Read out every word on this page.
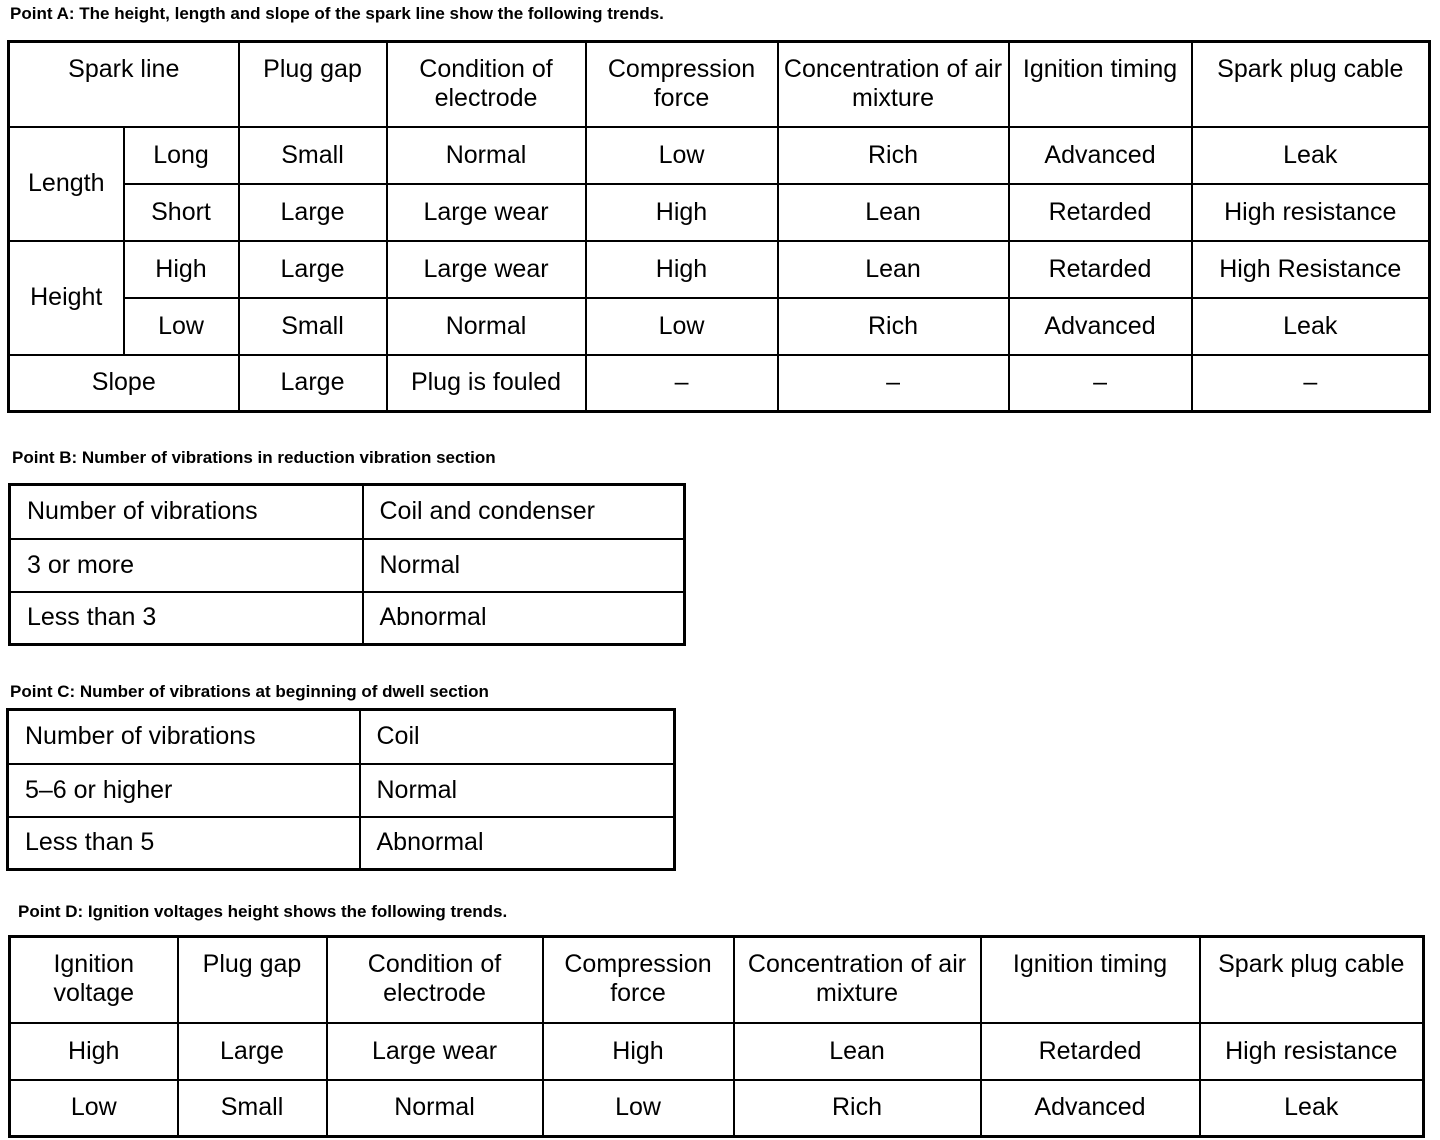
Point A: The height, length and slope of the spark line show the following trends.
Spark line		Plug gap	Condition of electrode	Compression force	Concentration of air mixture	Ignition timing	Spark plug cable
Length	Long	Small	Normal	Low	Rich	Advanced	Leak
	Short	Large	Large wear	High	Lean	Retarded	High resistance
Height	High	Large	Large wear	High	Lean	Retarded	High Resistance
	Low	Small	Normal	Low	Rich	Advanced	Leak
Slope		Large	Plug is fouled	–	–	–	–
Point B: Number of vibrations in reduction vibration section
Number of vibrations	Coil and condenser
3 or more	Normal
Less than 3	Abnormal
Point C: Number of vibrations at beginning of dwell section
Number of vibrations	Coil
5–6 or higher	Normal
Less than 5	Abnormal
Point D: Ignition voltages height shows the following trends.
Ignition voltage	Plug gap	Condition of electrode	Compression force	Concentration of air mixture	Ignition timing	Spark plug cable
High	Large	Large wear	High	Lean	Retarded	High resistance
Low	Small	Normal	Low	Rich	Advanced	Leak
